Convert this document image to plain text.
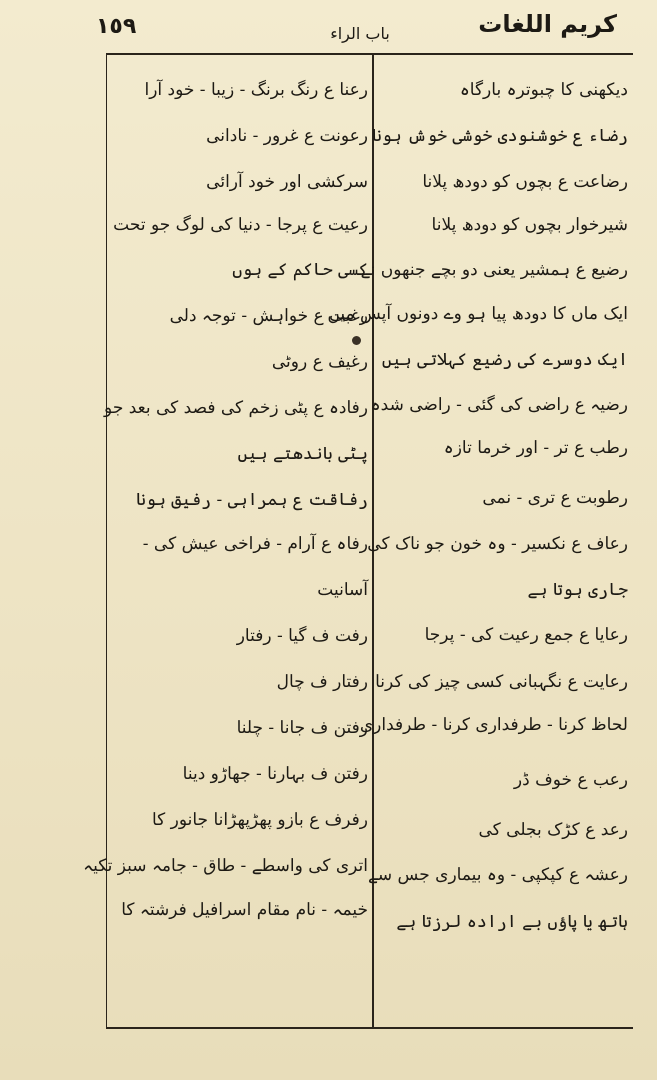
١٥٩	باب الراء	کریم اللغات
دیکھنی کا چبوترہ بارگاہ
رضاء ع خوشنودی خوشی خوش ہونا
رضاعت ع بچوں کو دودھ پلانا
شیرخوار بچوں کو دودھ پلانا
رضیع ع ہمشیر یعنی دو بچے جنھوں نے
ایک ماں کا دودھ پیا ہو وے دونوں آپس میں
ایک دوسرے کی رضیع کہلاتی ہیں
رضیہ ع راضی کی گئی - راضی شدہ
رطب ع تر - اور خرما تازہ
رطوبت ع تری - نمی
رعاف ع نکسیر - وہ خون جو ناک کی
جاری ہوتا ہے
رعایا ع جمع رعیت کی - پرجا
رعایت ع نگہبانی کسی چیز کی کرنا
لحاظ کرنا - طرفداری کرنا - طرفداری
رعب ع خوف ڈر
رعد ع کڑک بجلی کی
رعشہ ع کپکپی - وہ بیماری جس سے
ہاتھ یا پاؤں بے ارادہ لرزتا ہے
رعنا ع رنگ برنگ - زیبا - خود آرا
رعونت ع غرور - نادانی
سرکشی اور خود آرائی
رعیت ع پرجا - دنیا کی لوگ جو تحت
کسی حاکم کے ہوں
رغبت ع خواہش - توجہ دلی
رغیف ع روٹی
رفادہ ع پٹی زخم کی فصد کی بعد جو
پٹی باندھتے ہیں
رفاقت ع ہمراہی - رفیق ہونا
رفاہ ع آرام - فراخی عیش کی -
آسانیت
رفت ف گیا - رفتار
رفتار ف چال
رفتن ف جانا - چلنا
رفتن ف بہارنا - جھاڑو دینا
رفرف ع بازو پھڑپھڑانا جانور کا
اتری کی واسطے - طاق - جامہ سبز تکیہ
خیمہ - نام مقام اسرافیل فرشتہ کا
